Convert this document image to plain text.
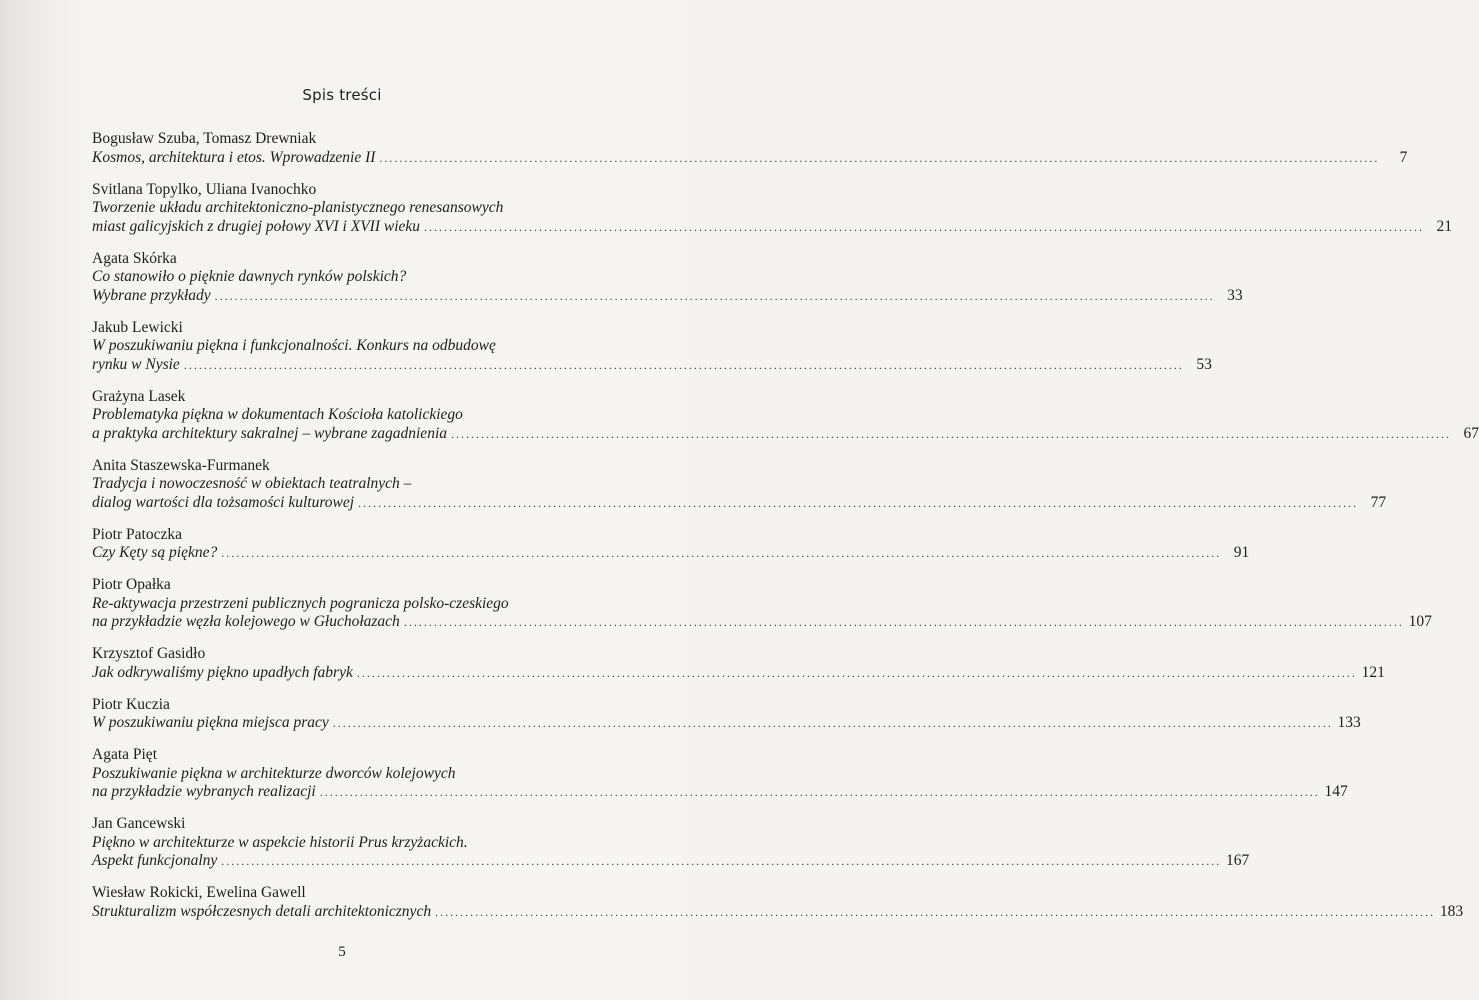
Spis treści
Bogusław Szuba, Tomasz Drewniak
Kosmos, architektura i etos. Wprowadzenie II ........................................................................................................................................................................................................	7
Svitlana Topylko, Uliana Ivanochko
Tworzenie układu architektoniczno-planistycznego renesansowych
miast galicyjskich z drugiej połowy XVI i XVII wieku ........................................................................................................................................................................................................ 21
Agata Skórka
Co stanowiło o pięknie dawnych rynków polskich?
Wybrane przykłady ........................................................................................................................................................................................................ 33
Jakub Lewicki
W poszukiwaniu piękna i funkcjonalności. Konkurs na odbudowę
rynku w Nysie ........................................................................................................................................................................................................ 53
Grażyna Lasek
Problematyka piękna w dokumentach Kościoła katolickiego
a praktyka architektury sakralnej – wybrane zagadnienia ........................................................................................................................................................................................................ 67
Anita Staszewska-Furmanek
Tradycja i nowoczesność w obiektach teatralnych –
dialog wartości dla tożsamości kulturowej ........................................................................................................................................................................................................ 77
Piotr Patoczka
Czy Kęty są piękne? ........................................................................................................................................................................................................ 91
Piotr Opałka
Re-aktywacja przestrzeni publicznych pogranicza polsko-czeskiego
na przykładzie węzła kolejowego w Głuchołazach ........................................................................................................................................................................................................ 107
Krzysztof Gasidło
Jak odkrywaliśmy piękno upadłych fabryk ........................................................................................................................................................................................................ 121
Piotr Kuczia
W poszukiwaniu piękna miejsca pracy ........................................................................................................................................................................................................ 133
Agata Pięt
Poszukiwanie piękna w architekturze dworców kolejowych
na przykładzie wybranych realizacji ........................................................................................................................................................................................................ 147
Jan Gancewski
Piękno w architekturze w aspekcie historii Prus krzyżackich.
Aspekt funkcjonalny ........................................................................................................................................................................................................ 167
Wiesław Rokicki, Ewelina Gawell
Strukturalizm współczesnych detali architektonicznych ........................................................................................................................................................................................................ 183
5
